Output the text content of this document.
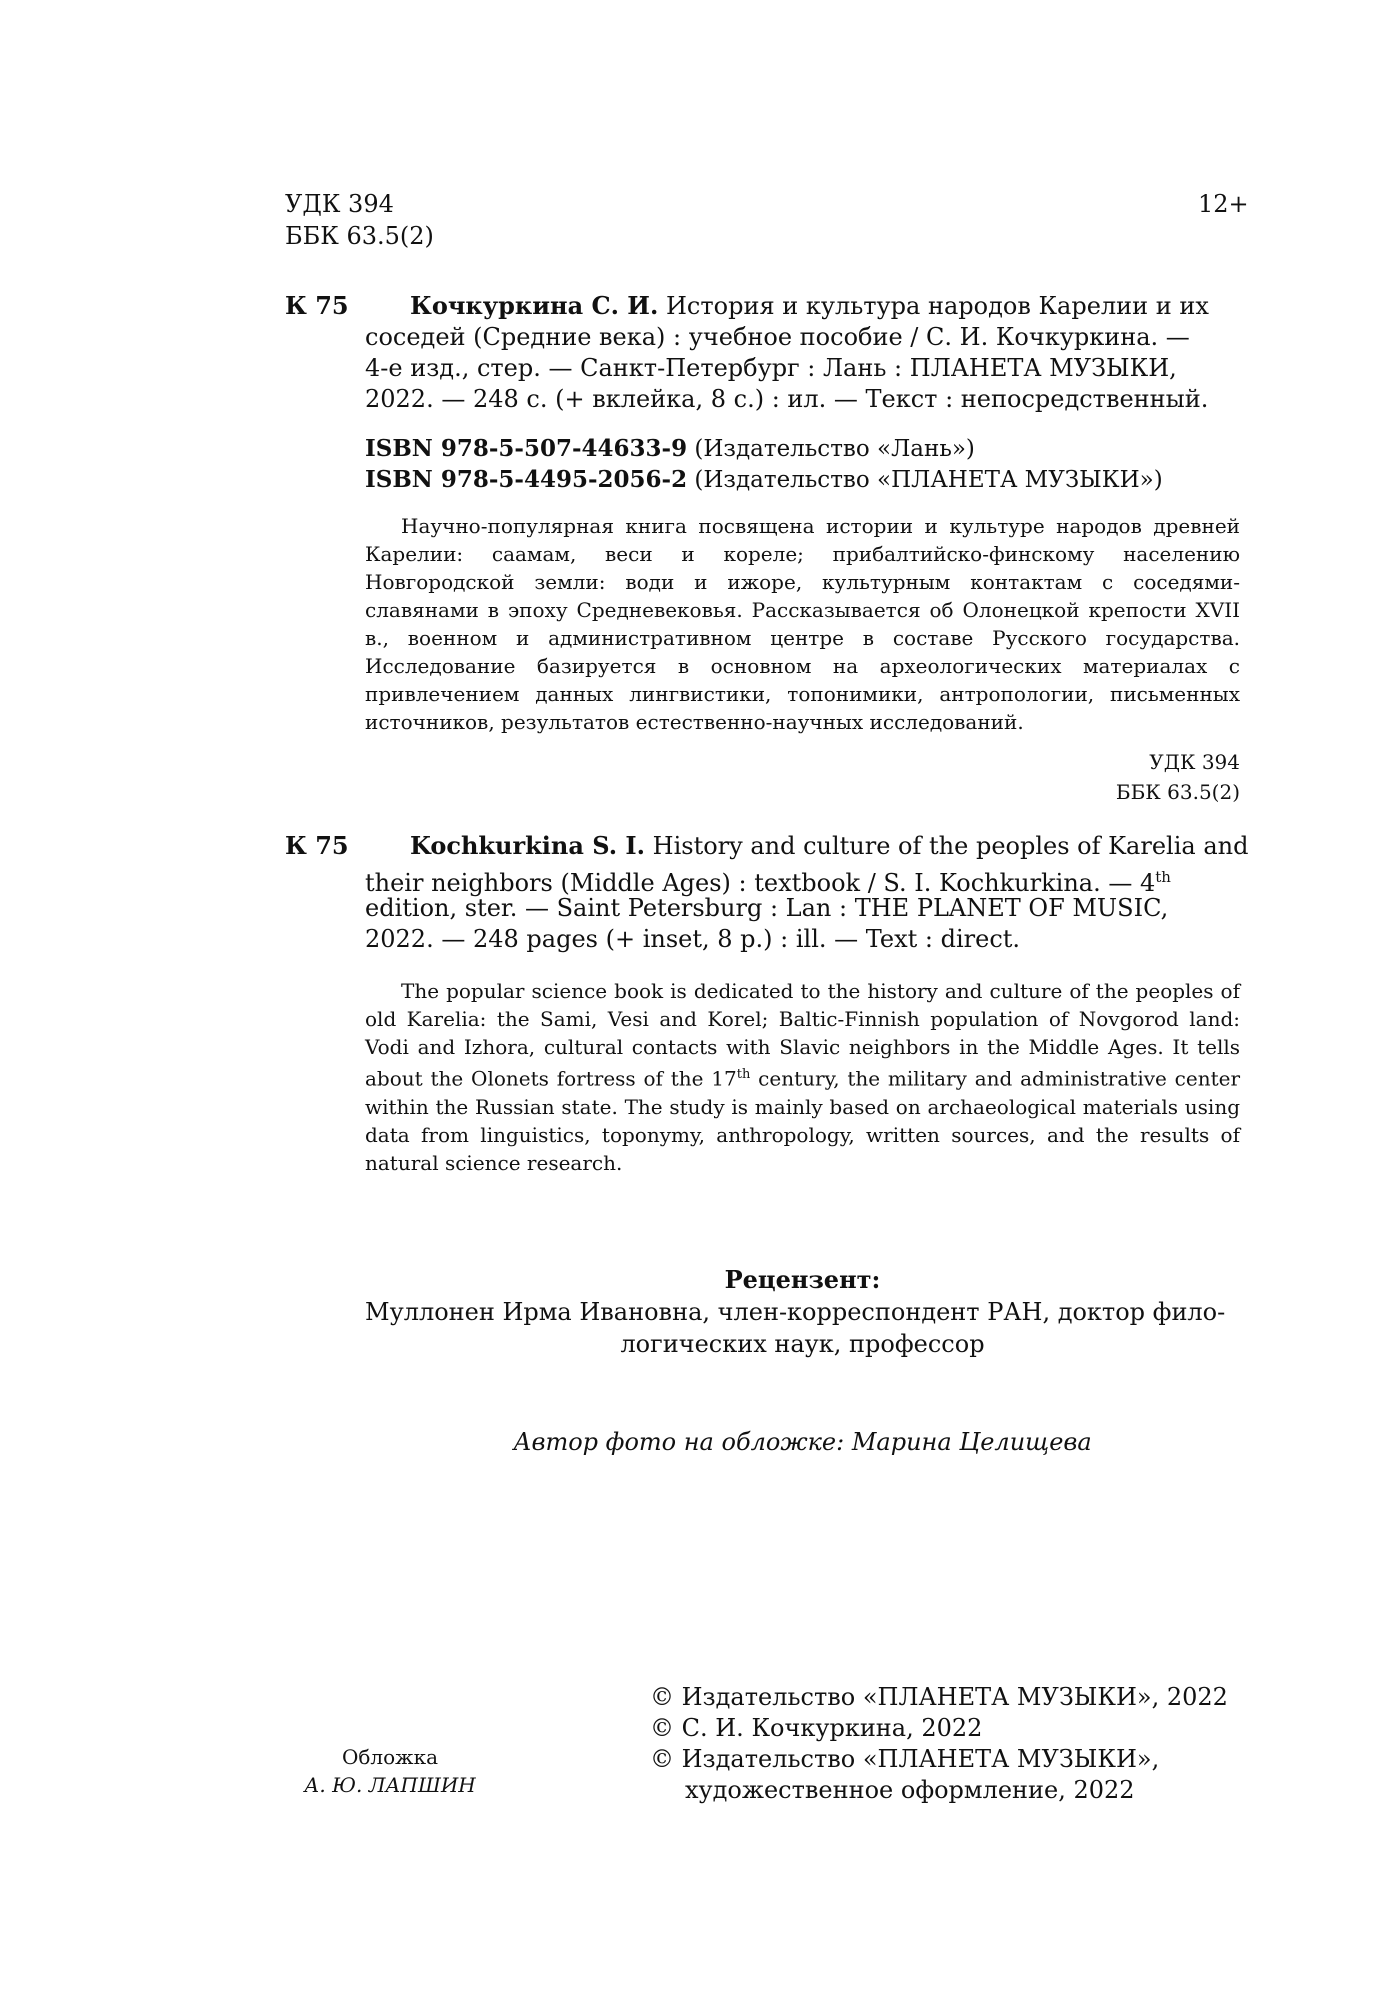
УДК 394
ББК 63.5(2)
12+
К 75	Кочкуркина С. И. История и культура народов Карелии и их
соседей (Средние века) : учебное пособие / С. И. Кочкуркина. —
4-е изд., стер. — Санкт-Петербург : Лань : ПЛАНЕТА МУЗЫКИ,
2022. — 248 с. (+ вклейка, 8 с.) : ил. — Текст : непосредственный.
ISBN 978-5-507-44633-9 (Издательство «Лань»)
ISBN 978-5-4495-2056-2 (Издательство «ПЛАНЕТА МУЗЫКИ»)
Научно-популярная книга посвящена истории и культуре народов древней Карелии: саамам, веси и кореле; прибалтийско-финскому населению Новгородской земли: води и ижоре, культурным контактам с соседями-славянами в эпоху Средневековья. Рассказывается об Олонецкой крепости XVII в., военном и административном центре в составе Русского государства. Исследование базируется в основном на археологических материалах с привлечением данных лингвистики, топонимики, антропологии, письменных источников, результатов естественно-научных исследований.
УДК 394
ББК 63.5(2)
К 75	Kochkurkina S. I. History and culture of the peoples of Karelia and
their neighbors (Middle Ages) : textbook / S. I. Kochkurkina. — 4th
edition, ster. — Saint Petersburg : Lan : THE PLANET OF MUSIC,
2022. — 248 pages (+ inset, 8 p.) : ill. — Text : direct.
The popular science book is dedicated to the history and culture of the peoples of old Karelia: the Sami, Vesi and Korel; Baltic-Finnish population of Novgorod land: Vodi and Izhora, cultural contacts with Slavic neighbors in the Middle Ages. It tells about the Olonets fortress of the 17th century, the military and administrative center within the Russian state. The study is mainly based on archaeological materials using data from linguistics, toponymy, anthropology, written sources, and the results of natural science research.
Рецензент:
Муллонен Ирма Ивановна, член-корреспондент РАН, доктор фило-
логических наук, профессор
Автор фото на обложке: Марина Целищева
Обложка
А. Ю. ЛАПШИН
© Издательство «ПЛАНЕТА МУЗЫКИ», 2022
© С. И. Кочкуркина, 2022
© Издательство «ПЛАНЕТА МУЗЫКИ»,
художественное оформление, 2022
